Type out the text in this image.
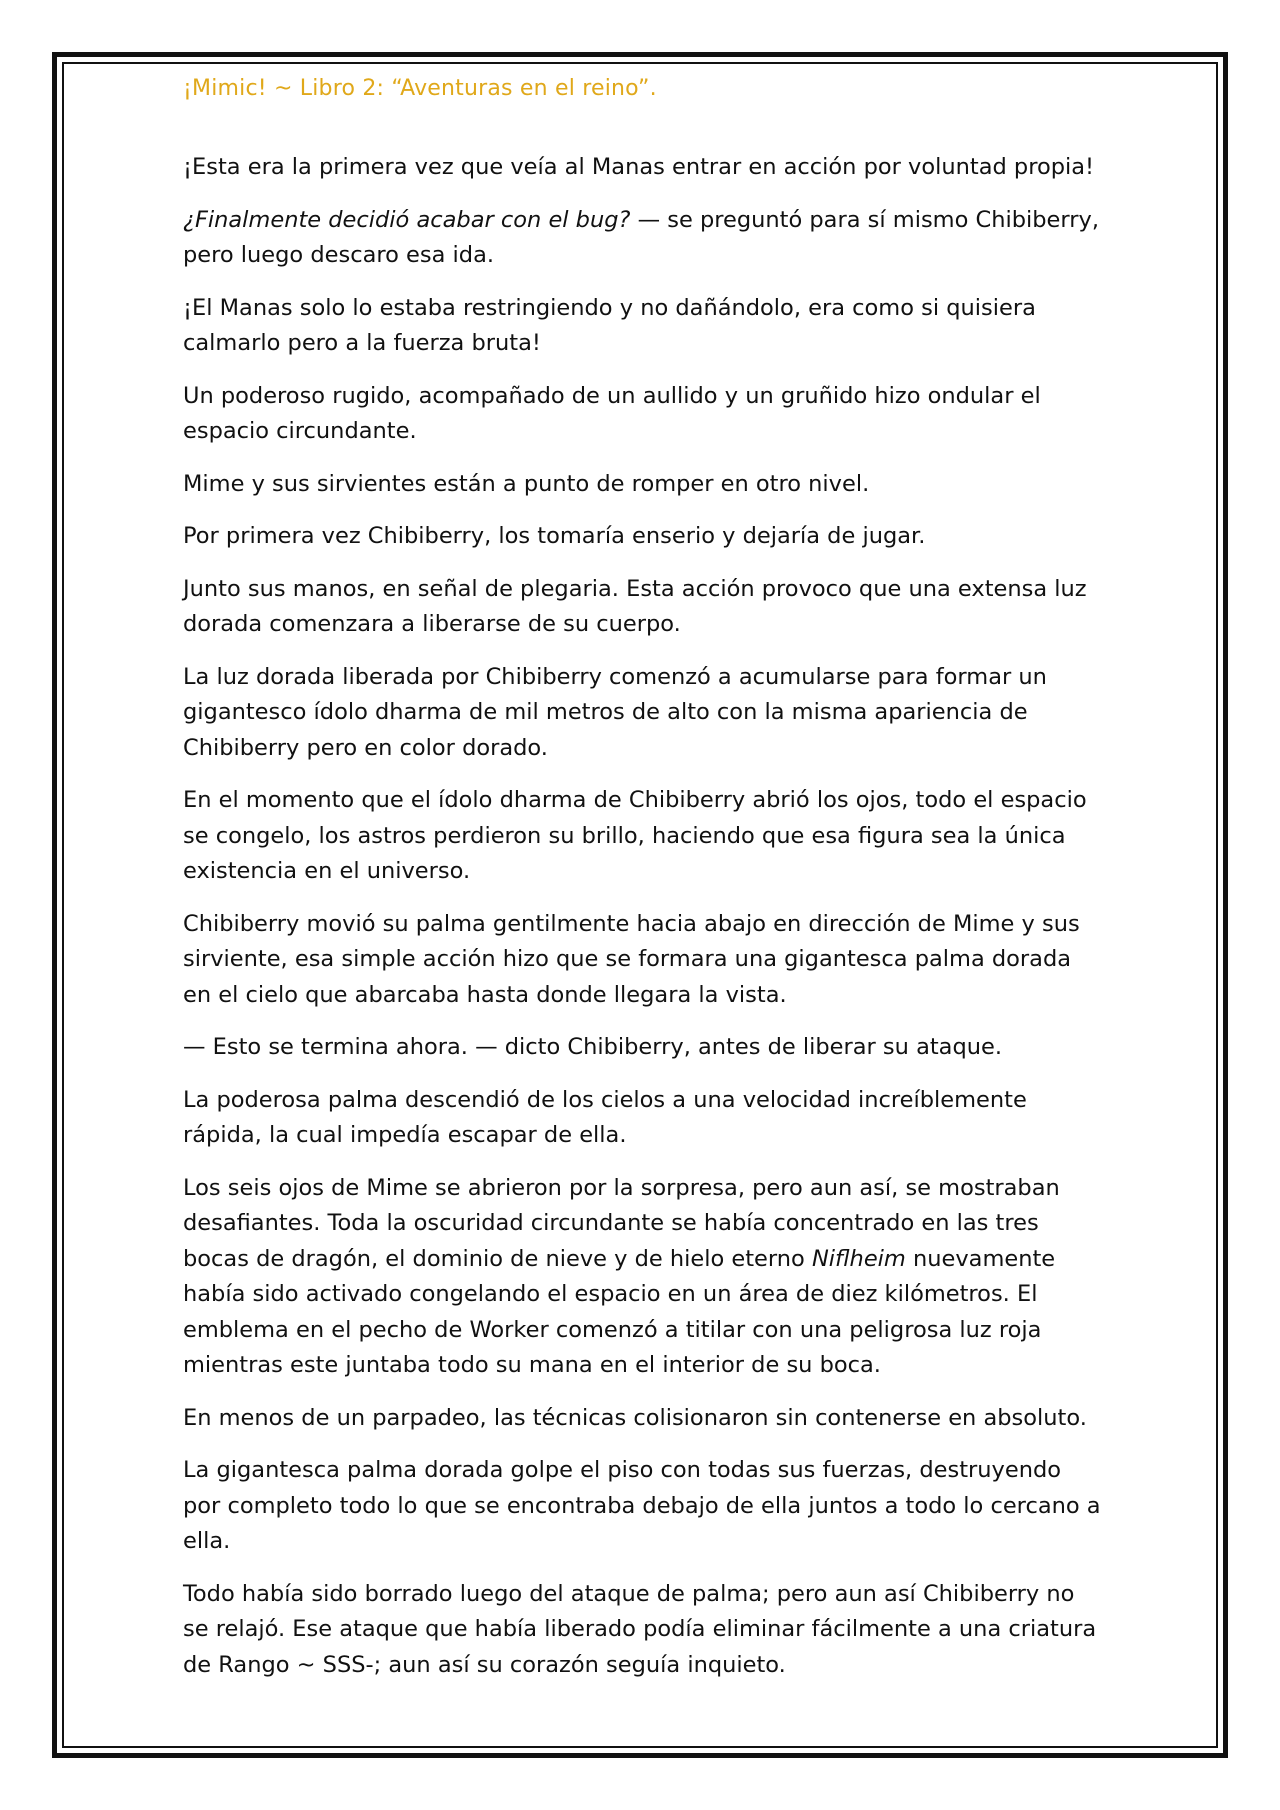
¡Mimic! ~ Libro 2: “Aventuras en el reino”.

¡Esta era la primera vez que veía al Manas entrar en acción por voluntad propia!

¿Finalmente decidió acabar con el bug? — se preguntó para sí mismo Chibiberry, pero luego descaro esa ida.

¡El Manas solo lo estaba restringiendo y no dañándolo, era como si quisiera calmarlo pero a la fuerza bruta!

Un poderoso rugido, acompañado de un aullido y un gruñido hizo ondular el espacio circundante.

Mime y sus sirvientes están a punto de romper en otro nivel.

Por primera vez Chibiberry, los tomaría enserio y dejaría de jugar.

Junto sus manos, en señal de plegaria. Esta acción provoco que una extensa luz dorada comenzara a liberarse de su cuerpo.

La luz dorada liberada por Chibiberry comenzó a acumularse para formar un gigantesco ídolo dharma de mil metros de alto con la misma apariencia de Chibiberry pero en color dorado.

En el momento que el ídolo dharma de Chibiberry abrió los ojos, todo el espacio se congelo, los astros perdieron su brillo, haciendo que esa figura sea la única existencia en el universo.

Chibiberry movió su palma gentilmente hacia abajo en dirección de Mime y sus sirviente, esa simple acción hizo que se formara una gigantesca palma dorada en el cielo que abarcaba hasta donde llegara la vista.

— Esto se termina ahora. — dicto Chibiberry, antes de liberar su ataque.

La poderosa palma descendió de los cielos a una velocidad increíblemente rápida, la cual impedía escapar de ella.

Los seis ojos de Mime se abrieron por la sorpresa, pero aun así, se mostraban desafiantes. Toda la oscuridad circundante se había concentrado en las tres bocas de dragón, el dominio de nieve y de hielo eterno Niflheim nuevamente había sido activado congelando el espacio en un área de diez kilómetros. El emblema en el pecho de Worker comenzó a titilar con una peligrosa luz roja mientras este juntaba todo su mana en el interior de su boca.

En menos de un parpadeo, las técnicas colisionaron sin contenerse en absoluto.

La gigantesca palma dorada golpe el piso con todas sus fuerzas, destruyendo por completo todo lo que se encontraba debajo de ella juntos a todo lo cercano a ella.

Todo había sido borrado luego del ataque de palma; pero aun así Chibiberry no se relajó. Ese ataque que había liberado podía eliminar fácilmente a una criatura de Rango ~ SSS-; aun así su corazón seguía inquieto.
